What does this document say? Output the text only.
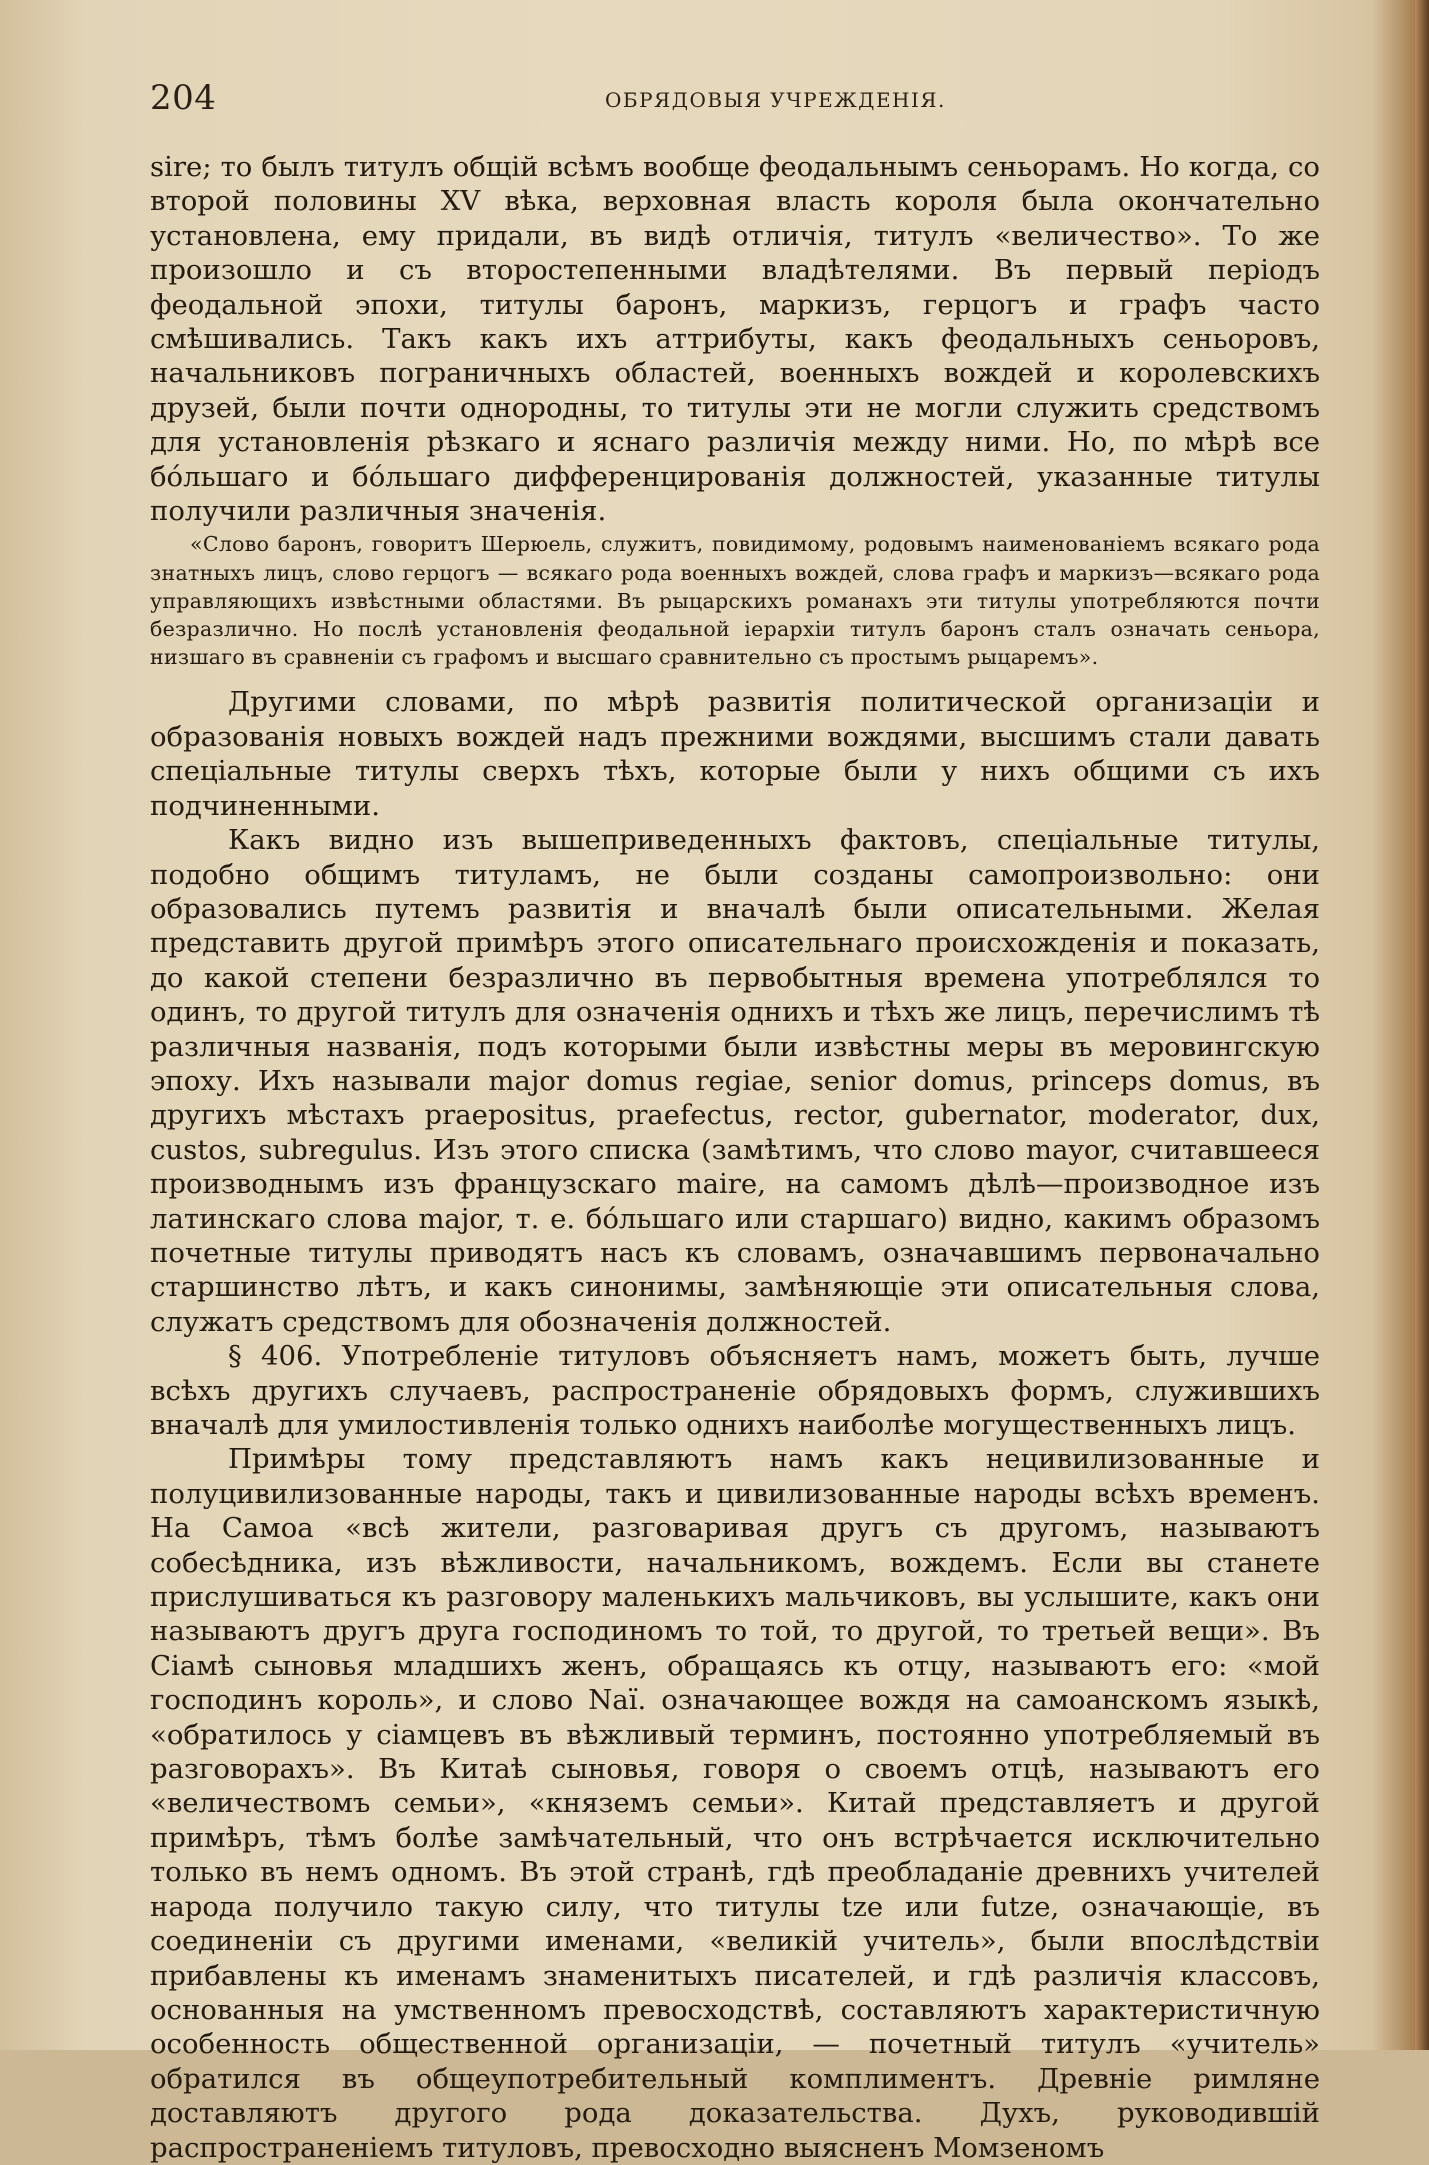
204	ОБРЯДОВЫЯ УЧРЕЖДЕНІЯ.

sire; то былъ титулъ общій всѣмъ вообще феодальнымъ сеньорамъ. Но когда, со второй половины XV вѣка, верховная власть короля была окончательно установлена, ему придали, въ видѣ отличія, титулъ «величество». То же произошло и съ второстепенными владѣтелями. Въ первый періодъ феодальной эпохи, титулы баронъ, маркизъ, герцогъ и графъ часто смѣшивались. Такъ какъ ихъ аттрибуты, какъ феодальныхъ сеньоровъ, начальниковъ пограничныхъ областей, военныхъ вождей и королевскихъ друзей, были почти однородны, то титулы эти не могли служить средствомъ для установленія рѣзкаго и яснаго различія между ними. Но, по мѣрѣ все бóльшаго и бóльшаго дифференцированія должностей, указанные титулы получили различныя значенія.

«Слово баронъ, говоритъ Шерюель, служитъ, повидимому, родовымъ наименованіемъ всякаго рода знатныхъ лицъ, слово герцогъ — всякаго рода военныхъ вождей, слова графъ и маркизъ—всякаго рода управляющихъ извѣстными областями. Въ рыцарскихъ романахъ эти титулы употребляются почти безразлично. Но послѣ установленія феодальной іерархіи титулъ баронъ сталъ означать сеньора, низшаго въ сравненіи съ графомъ и высшаго сравнительно съ простымъ рыцаремъ».

Другими словами, по мѣрѣ развитія политической организаціи и образованія новыхъ вождей надъ прежними вождями, высшимъ стали давать спеціальные титулы сверхъ тѣхъ, которые были у нихъ общими съ ихъ подчиненными.

Какъ видно изъ вышеприведенныхъ фактовъ, спеціальные титулы, подобно общимъ титуламъ, не были созданы самопроизвольно: они образовались путемъ развитія и вначалѣ были описательными. Желая представить другой примѣръ этого описательнаго происхожденія и показать, до какой степени безразлично въ первобытныя времена употреблялся то одинъ, то другой титулъ для означенія однихъ и тѣхъ же лицъ, перечислимъ тѣ различныя названія, подъ которыми были извѣстны меры въ меровингскую эпоху. Ихъ называли major domus regiae, senior domus, princeps domus, въ другихъ мѣстахъ praepositus, praefectus, rector, gubernator, moderator, dux, custos, subregulus. Изъ этого списка (замѣтимъ, что слово mayor, считавшееся производнымъ изъ французскаго maire, на самомъ дѣлѣ—производное изъ латинскаго слова major, т. е. бóльшаго или старшаго) видно, какимъ образомъ почетные титулы приводятъ насъ къ словамъ, означавшимъ первоначально старшинство лѣтъ, и какъ синонимы, замѣняющіе эти описательныя слова, служатъ средствомъ для обозначенія должностей.

§ 406. Употребленіе титуловъ объясняетъ намъ, можетъ быть, лучше всѣхъ другихъ случаевъ, распространеніе обрядовыхъ формъ, служившихъ вначалѣ для умилостивленія только однихъ наиболѣе могущественныхъ лицъ.

Примѣры тому представляютъ намъ какъ нецивилизованные и полуцивилизованные народы, такъ и цивилизованные народы всѣхъ временъ. На Самоа «всѣ жители, разговаривая другъ съ другомъ, называютъ собесѣдника, изъ вѣжливости, начальникомъ, вождемъ. Если вы станете прислушиваться къ разговору маленькихъ мальчиковъ, вы услышите, какъ они называютъ другъ друга господиномъ то той, то другой, то третьей вещи». Въ Сіамѣ сыновья младшихъ женъ, обращаясь къ отцу, называютъ его: «мой господинъ король», и слово Naï. означающее вождя на самоанскомъ языкѣ, «обратилось у сіамцевъ въ вѣжливый терминъ, постоянно употребляемый въ разговорахъ». Въ Китаѣ сыновья, говоря о своемъ отцѣ, называютъ его «величествомъ семьи», «княземъ семьи». Китай представляетъ и другой примѣръ, тѣмъ болѣе замѣчательный, что онъ встрѣчается исключительно только въ немъ одномъ. Въ этой странѣ, гдѣ преобладаніе древнихъ учителей народа получило такую силу, что титулы tze или futze, означающіе, въ соединеніи съ другими именами, «великій учитель», были впослѣдствіи прибавлены къ именамъ знаменитыхъ писателей, и гдѣ различія классовъ, основанныя на умственномъ превосходствѣ, составляютъ характеристичную особенность общественной организаціи, — почетный титулъ «учитель» обратился въ общеупотребительный комплиментъ. Древніе римляне доставляютъ другого рода доказательства. Духъ, руководившій распространеніемъ титуловъ, превосходно выясненъ Момзеномъ
